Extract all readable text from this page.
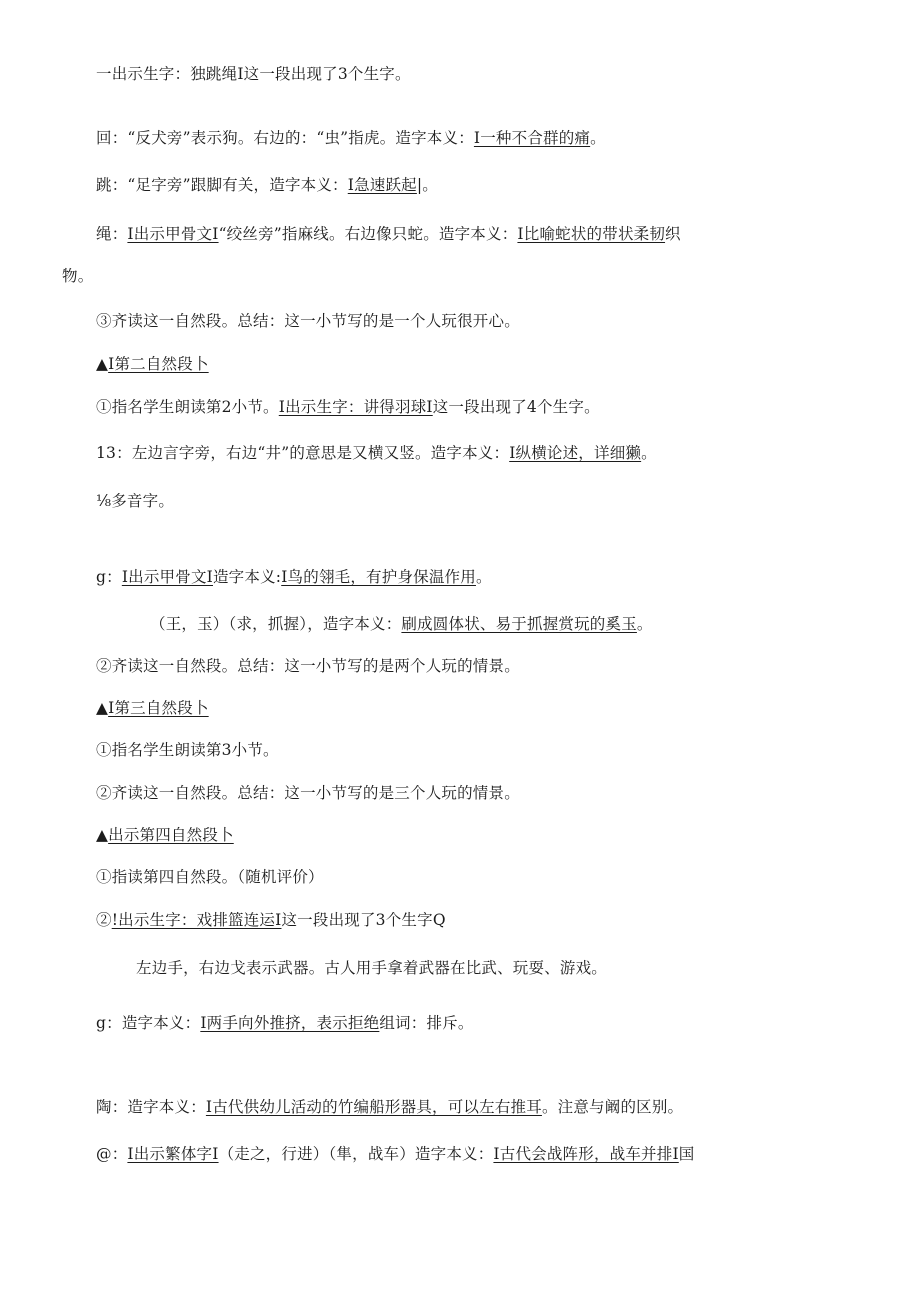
一出示生字：独跳绳I这一段出现了3个生字。
回：“反犬旁”表示狗。右边的：“虫”指虎。造字本义：I一种不合群的痛。
跳：“足字旁”跟脚有关，造字本义：I急速跃起|。
绳：I出示甲骨文I“绞丝旁”指麻线。右边像只蛇。造字本义：I比喻蛇状的带状柔韧织
物。
③齐读这一自然段。总结：这一小节写的是一个人玩很开心。
▲I第二自然段卜
①指名学生朗读第2小节。I出示生字：讲得羽球I这一段出现了4个生字。
13：左边言字旁，右边“井”的意思是又横又竖。造字本义：I纵横论述，详细獭。
⅛多音字。
g：I出示甲骨文I造字本义:I鸟的翎毛，有护身保温作用。
（王，玉）（求，抓握），造字本义：刷成圆体状、易于抓握赏玩的奚玉。
②齐读这一自然段。总结：这一小节写的是两个人玩的情景。
▲I第三自然段卜
①指名学生朗读第3小节。
②齐读这一自然段。总结：这一小节写的是三个人玩的情景。
▲出示第四自然段卜
①指读第四自然段。（随机评价）
②!出示生字：戏排篮连运I这一段出现了3个生字Q
左边手，右边戈表示武器。古人用手拿着武器在比武、玩耍、游戏。
g：造字本义：I两手向外推挤，表示拒绝组词：排斥。
陶：造字本义：I古代供幼儿活动的竹编船形器具，可以左右推耳。注意与阚的区别。
@：I出示繁体字I（走之，行进）（隼，战车）造字本义：I古代会战阵形，战车并排I国
